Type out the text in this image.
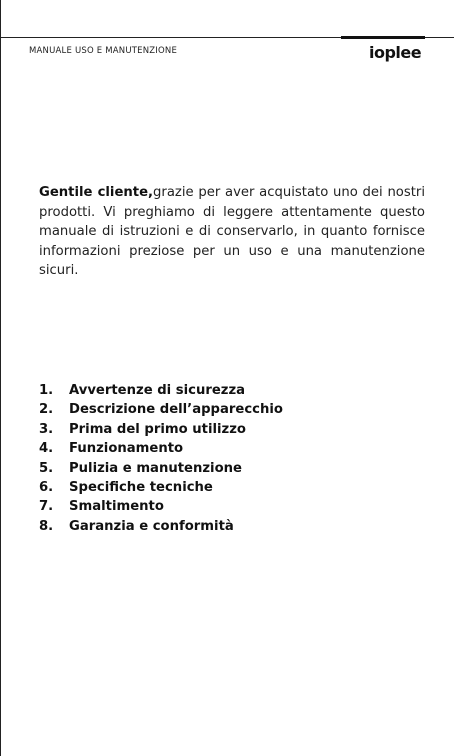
MANUALE USO E MANUTENZIONE	ioplee

Gentile cliente,grazie per aver acquistato uno dei nostri prodotti. Vi preghiamo di leggere attentamente questo manuale di istruzioni e di conservarlo, in quanto fornisce informazioni preziose per un uso e una manutenzione sicuri.

1.	Avvertenze di sicurezza
2.	Descrizione dell’apparecchio
3.	Prima del primo utilizzo
4.	Funzionamento
5.	Pulizia e manutenzione
6.	Specifiche tecniche
7.	Smaltimento
8.	Garanzia e conformità
